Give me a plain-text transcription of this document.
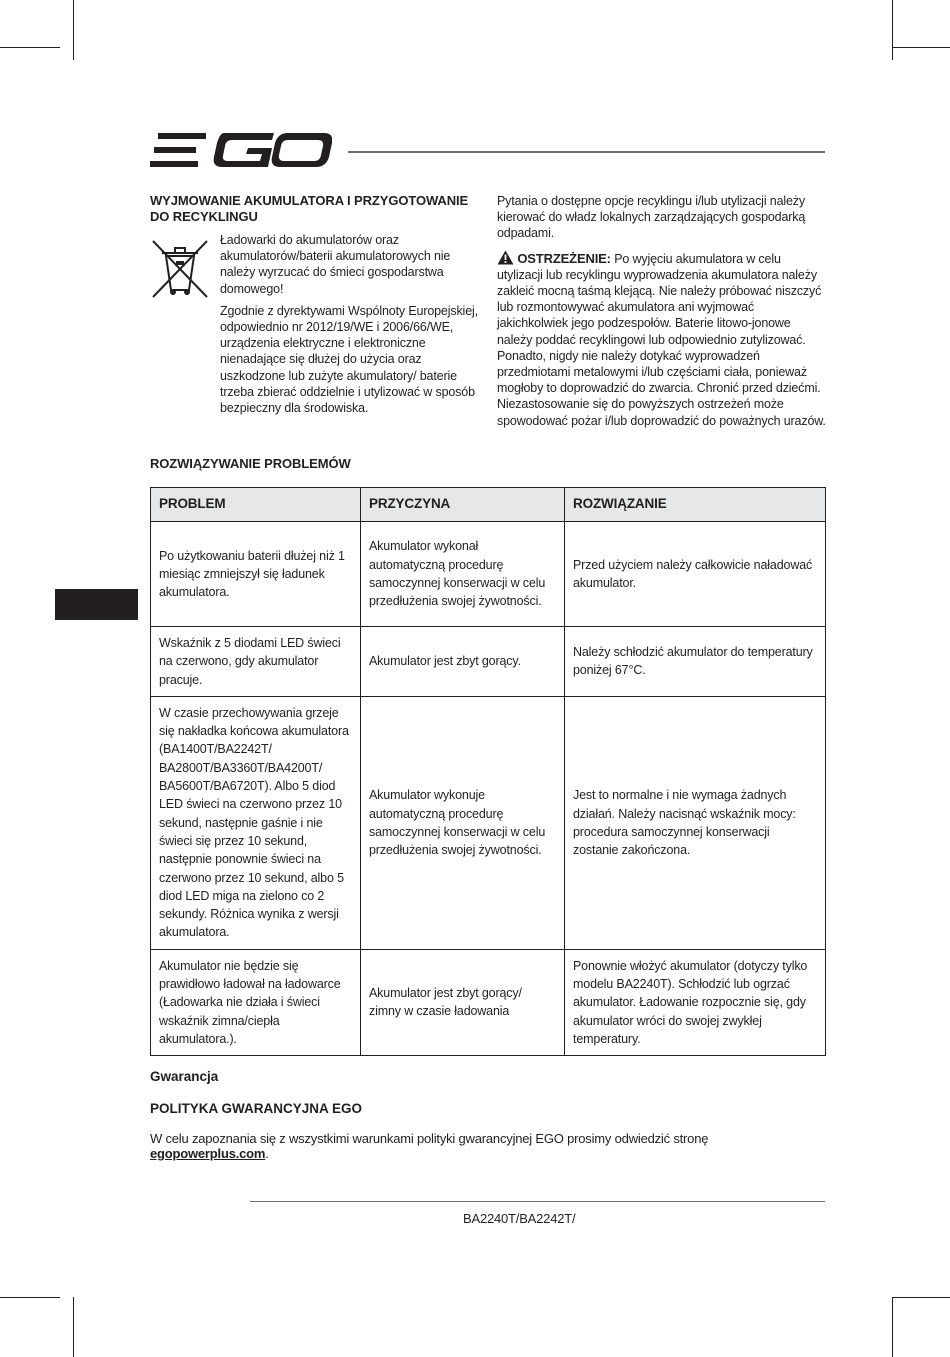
WYJMOWANIE AKUMULATORA I PRZYGOTOWANIE DO RECYKLINGU

Ładowarki do akumulatorów oraz akumulatorów/baterii akumulatorowych nie należy wyrzucać do śmieci gospodarstwa domowego!

Zgodnie z dyrektywami Wspólnoty Europejskiej, odpowiednio nr 2012/19/WE i 2006/66/WE, urządzenia elektryczne i elektroniczne nienadające się dłużej do użycia oraz uszkodzone lub zużyte akumulatory/ baterie trzeba zbierać oddzielnie i utylizować w sposób bezpieczny dla środowiska.

Pytania o dostępne opcje recyklingu i/lub utylizacji należy kierować do władz lokalnych zarządzających gospodarką odpadami.

OSTRZEŻENIE: Po wyjęciu akumulatora w celu utylizacji lub recyklingu wyprowadzenia akumulatora należy zakleić mocną taśmą klejącą. Nie należy próbować niszczyć lub rozmontowywać akumulatora ani wyjmować jakichkolwiek jego podzespołów. Baterie litowo-jonowe należy poddać recyklingowi lub odpowiednio zutylizować. Ponadto, nigdy nie należy dotykać wyprowadzeń przedmiotami metalowymi i/lub częściami ciała, ponieważ mogłoby to doprowadzić do zwarcia. Chronić przed dziećmi. Niezastosowanie się do powyższych ostrzeżeń może spowodować pożar i/lub doprowadzić do poważnych urazów.

ROZWIĄZYWANIE PROBLEMÓW
PROBLEM	PRZYCZYNA	ROZWIĄZANIE
Po użytkowaniu baterii dłużej niż 1 miesiąc zmniejszył się ładunek akumulatora.	Akumulator wykonał automatyczną procedurę samoczynnej konserwacji w celu przedłużenia swojej żywotności.	Przed użyciem należy całkowicie naładować akumulator.
Wskaźnik z 5 diodami LED świeci na czerwono, gdy akumulator pracuje.	Akumulator jest zbyt gorący.	Należy schłodzić akumulator do temperatury poniżej 67°C.
W czasie przechowywania grzeje się nakładka końcowa akumulatora (BA1400T/BA2242T/ BA2800T/BA3360T/BA4200T/ BA5600T/BA6720T). Albo 5 diod LED świeci na czerwono przez 10 sekund, następnie gaśnie i nie świeci się przez 10 sekund, następnie ponownie świeci na czerwono przez 10 sekund, albo 5 diod LED miga na zielono co 2 sekundy. Różnica wynika z wersji akumulatora.	Akumulator wykonuje automatyczną procedurę samoczynnej konserwacji w celu przedłużenia swojej żywotności.	Jest to normalne i nie wymaga żadnych działań. Należy nacisnąć wskaźnik mocy: procedura samoczynnej konserwacji zostanie zakończona.
Akumulator nie będzie się prawidłowo ładował na ładowarce (Ładowarka nie działa i świeci wskaźnik zimna/ciepła akumulatora.).	Akumulator jest zbyt gorący/ zimny w czasie ładowania	Ponownie włożyć akumulator (dotyczy tylko modelu BA2240T). Schłodzić lub ogrzać akumulator. Ładowanie rozpocznie się, gdy akumulator wróci do swojej zwykłej temperatury.
Gwarancja
POLITYKA GWARANCYJNA EGO

W celu zapoznania się z wszystkimi warunkami polityki gwarancyjnej EGO prosimy odwiedzić stronę egopowerplus.com.

BA2240T/BA2242T/
